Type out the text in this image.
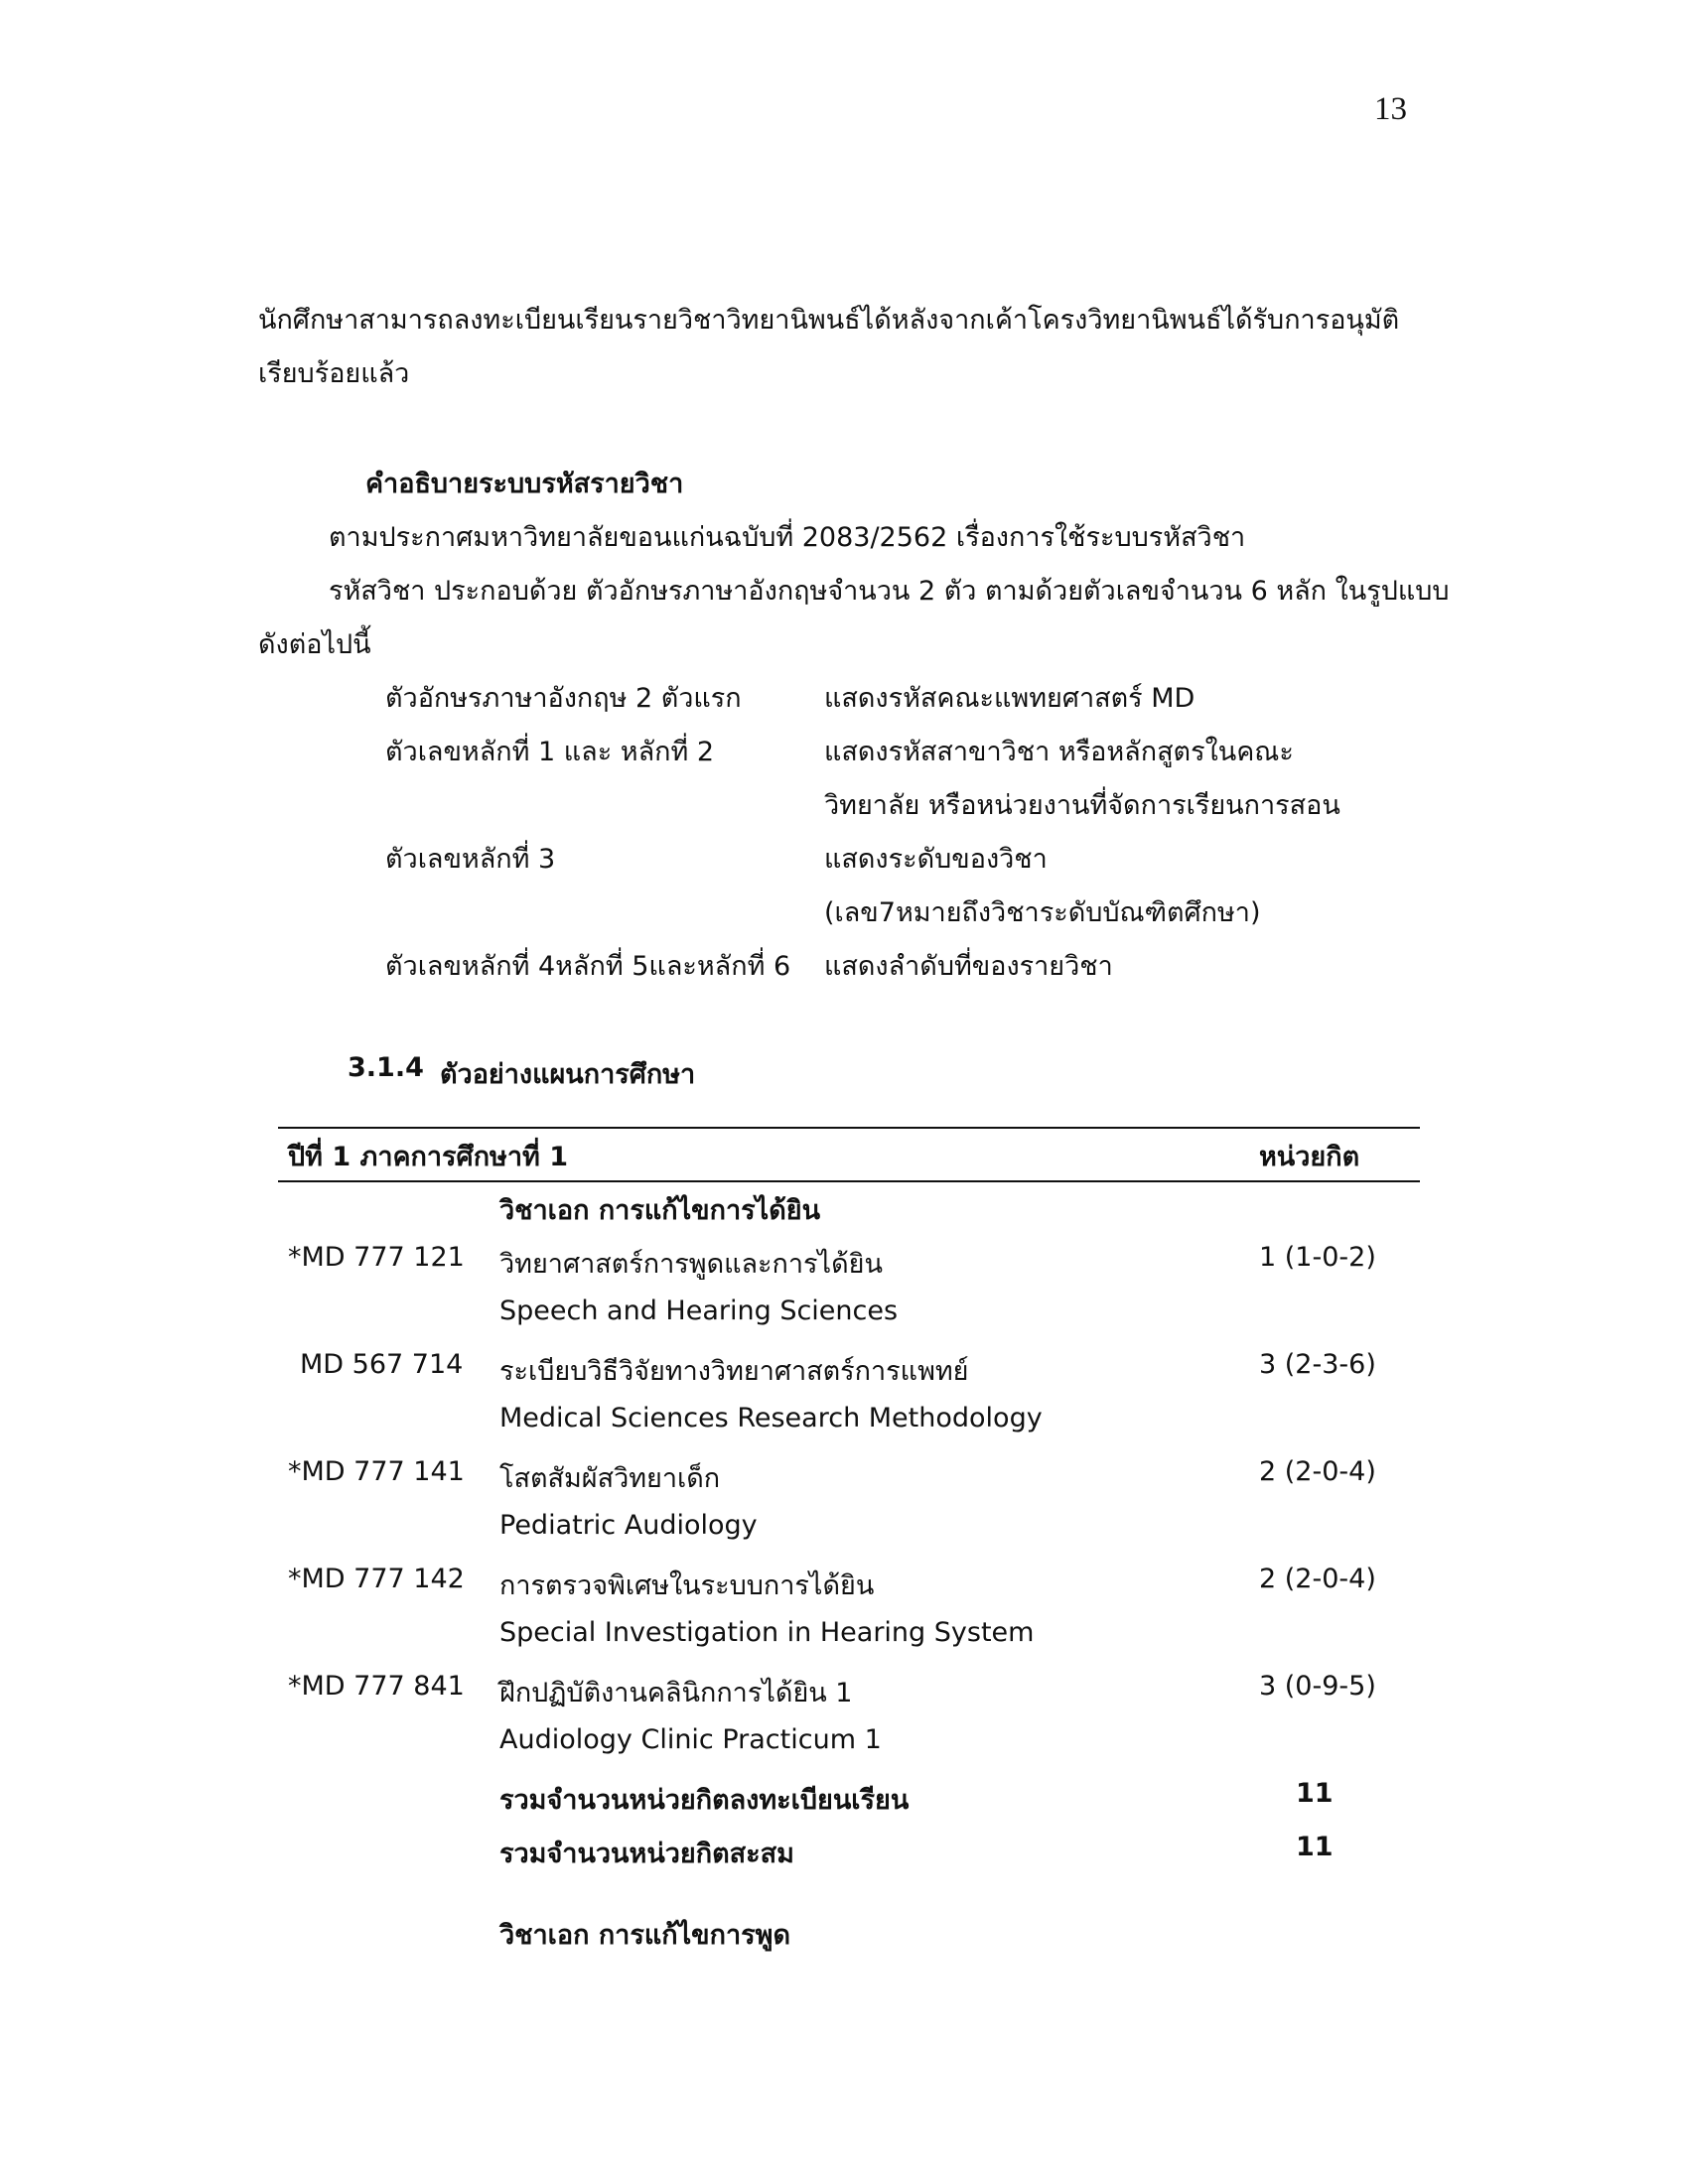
13
นักศึกษาสามารถลงทะเบียนเรียนรายวิชาวิทยานิพนธ์ได้หลังจากเค้าโครงวิทยานิพนธ์ได้รับการอนุมัติ
เรียบร้อยแล้ว
คำอธิบายระบบรหัสรายวิชา
ตามประกาศมหาวิทยาลัยขอนแก่นฉบับที่ 2083/2562 เรื่องการใช้ระบบรหัสวิชา
รหัสวิชา ประกอบด้วย ตัวอักษรภาษาอังกฤษจำนวน 2 ตัว ตามด้วยตัวเลขจำนวน 6 หลัก ในรูปแบบ
ดังต่อไปนี้
ตัวอักษรภาษาอังกฤษ 2 ตัวแรก	แสดงรหัสคณะแพทยศาสตร์ MD
ตัวเลขหลักที่ 1 และ หลักที่ 2	แสดงรหัสสาขาวิชา หรือหลักสูตรในคณะ
วิทยาลัย หรือหน่วยงานที่จัดการเรียนการสอน
ตัวเลขหลักที่ 3	แสดงระดับของวิชา
(เลข7หมายถึงวิชาระดับบัณฑิตศึกษา)
ตัวเลขหลักที่ 4หลักที่ 5และหลักที่ 6 แสดงลำดับที่ของรายวิชา
3.1.4 ตัวอย่างแผนการศึกษา
ปีที่ 1 ภาคการศึกษาที่ 1	หน่วยกิต
วิชาเอก การแก้ไขการได้ยิน
*MD 777 121 วิทยาศาสตร์การพูดและการได้ยิน	1 (1-0-2)
Speech and Hearing Sciences
MD 567 714 ระเบียบวิธีวิจัยทางวิทยาศาสตร์การแพทย์	3 (2-3-6)
Medical Sciences Research Methodology
*MD 777 141 โสตสัมผัสวิทยาเด็ก	2 (2-0-4)
Pediatric Audiology
*MD 777 142 การตรวจพิเศษในระบบการได้ยิน	2 (2-0-4)
Special Investigation in Hearing System
*MD 777 841 ฝึกปฏิบัติงานคลินิกการได้ยิน 1	3 (0-9-5)
Audiology Clinic Practicum 1
รวมจำนวนหน่วยกิตลงทะเบียนเรียน	11
รวมจำนวนหน่วยกิตสะสม	11
วิชาเอก การแก้ไขการพูด
